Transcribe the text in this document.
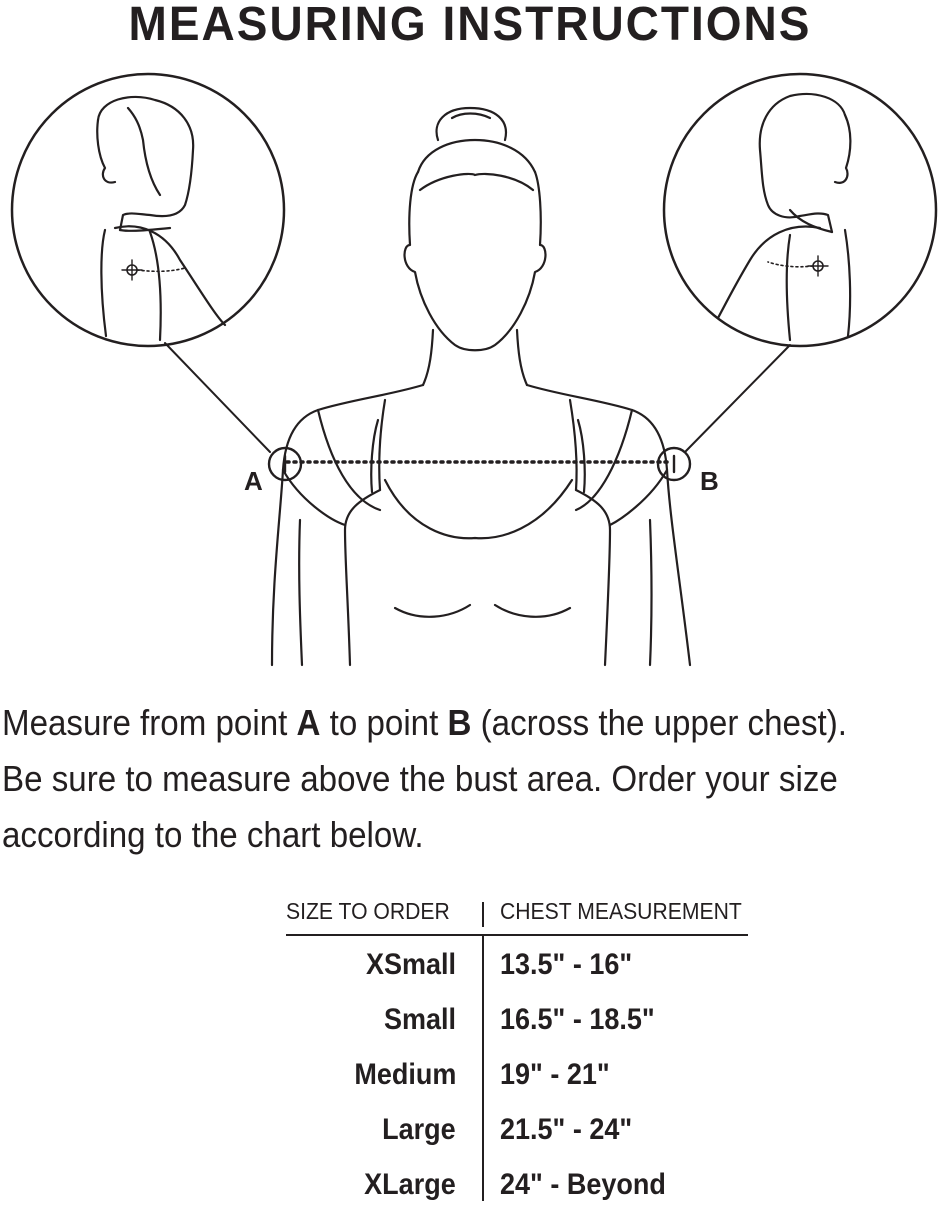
MEASURING INSTRUCTIONS
A	B
Measure from point A to point B (across the upper chest).
Be sure to measure above the bust area. Order your size
according to the chart below.
SIZE TO ORDER CHEST MEASUREMENT
XSmall 13.5" - 16"
Small 16.5" - 18.5"
Medium 19" - 21"
Large 21.5" - 24"
XLarge 24" - Beyond
